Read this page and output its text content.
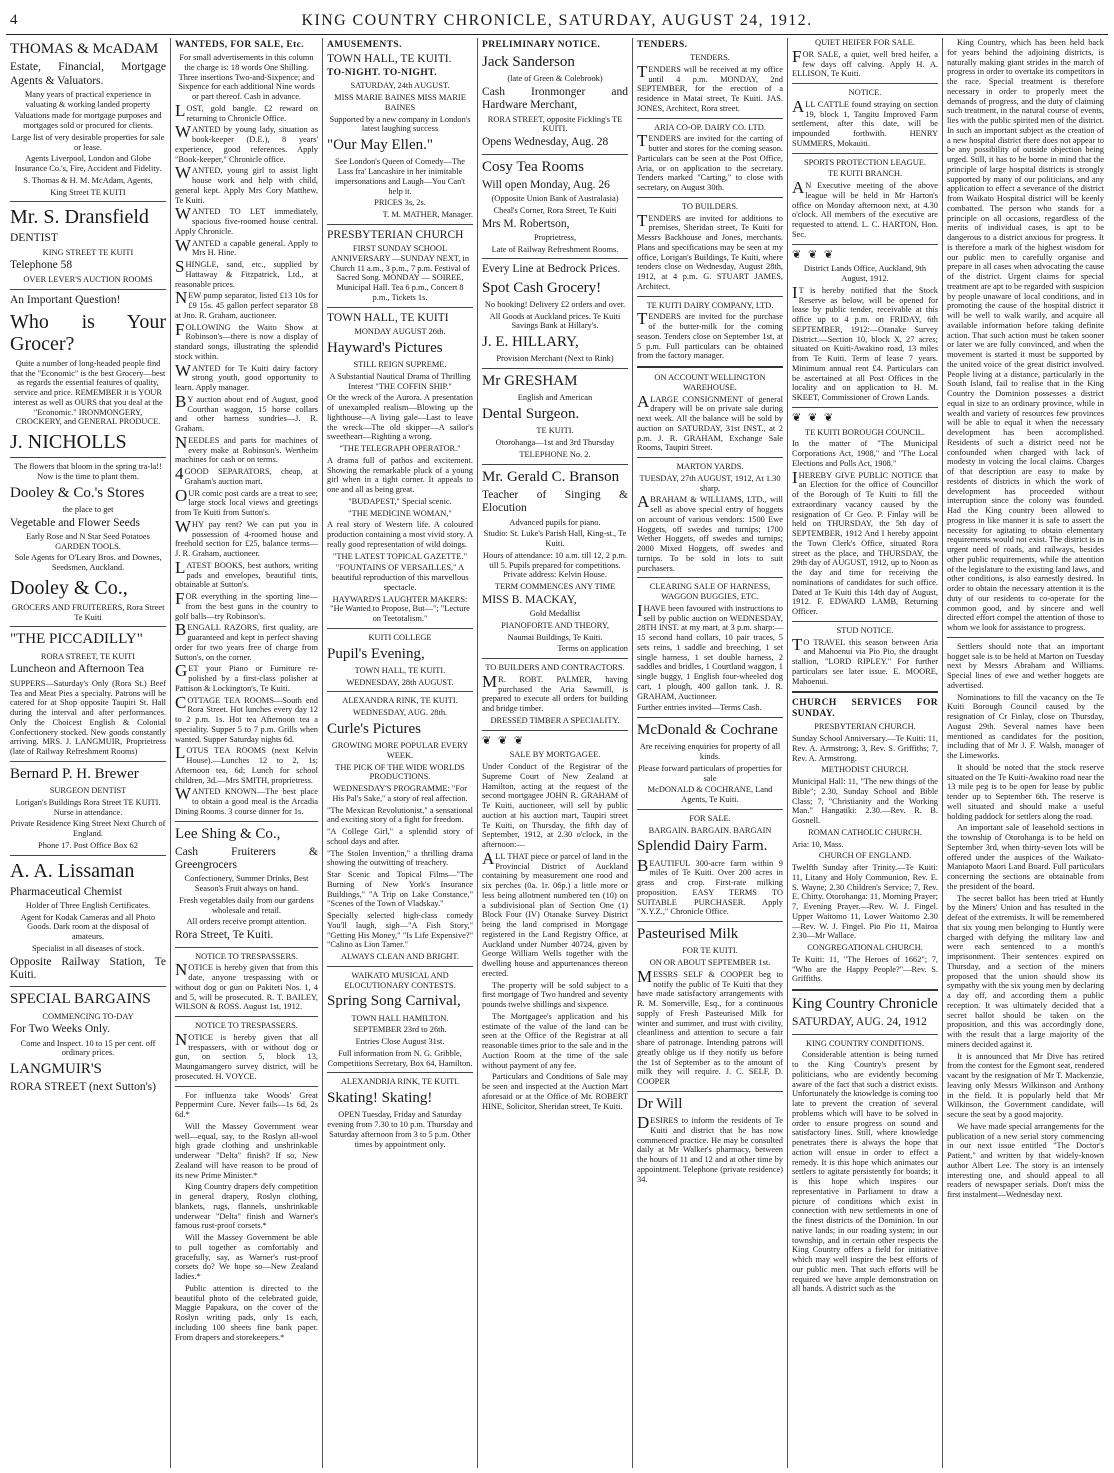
4	KING COUNTRY CHRONICLE, SATURDAY, AUGUST 24, 1912.

THOMAS & McADAM

Estate, Financial, Mortgage Agents & Valuators.

Many years of practical experience in valuating & working landed property

Valuations made for mortgage purposes and mortgages sold or procured for clients.

Large list of very desirable properties for sale or lease.

Agents Liverpool, London and Globe Insurance Co.'s, Fire, Accident and Fidelity.

S. Thomas & H. M. McAdam, Agents,

King Street TE KUITI

Mr. S. Dransfield

DENTIST

KING STREET TE KUITI

Telephone 58

OVER LEVER'S AUCTION ROOMS

An Important Question!

Who is Your Grocer?

Quite a number of long-headed people find that the "Economic" is the best Grocery—best as regards the essential features of quality, service and price. REMEMBER it is YOUR interest as well as OURS that you deal at the "Economic." IRONMONGERY, CROCKERY, and GENERAL PRODUCE.

J. NICHOLLS

The flowers that bloom in the spring tra-la!! Now is the time to plant them.

Dooley & Co.'s Stores

the place to get

Vegetable and Flower Seeds

Early Rose and N Star Seed Potatoes GARDEN TOOLS.

Sole Agents for O'Leary Bros. and Downes, Seedsmen, Auckland.

Dooley & Co.,

GROCERS AND FRUITERERS, Rora Street Te Kuiti

"THE PICCADILLY"

RORA STREET, TE KUITI

Luncheon and Afternoon Tea

SUPPERS—Saturday's Only (Rora St.) Beef Tea and Meat Pies a specialty. Patrons will be catered for at Shop opposite Taupiri St. Hall during the interval and after performances. Only the Choicest English & Colonial Confectionery stocked. New goods constantly arriving. MRS. J. LANGMUIR, Proprietress (late of Railway Refreshment Rooms)

Bernard P. H. Brewer

SURGEON DENTIST

Lorigan's Buildings Rora Street TE KUITI. Nurse in attendance.

Private Residence King Street Next Church of England.

Phone 17. Post Office Box 62

A. A. Lissaman

Pharmaceutical Chemist

Holder of Three English Certificates.

Agent for Kodak Cameras and all Photo Goods. Dark room at the disposal of amateurs.

Specialist in all diseases of stock.

Opposite Railway Station, Te Kuiti.

SPECIAL BARGAINS

COMMENCING TO-DAY

For Two Weeks Only.

Come and Inspect. 10 to 15 per cent. off ordinary prices.

LANGMUIR'S

RORA STREET (next Sutton's)

WANTEDS, FOR SALE, Etc.

For small advertisements in this column the charge is: 18 words One Shilling. Three insertions Two-and-Sixpence; and Sixpence for each additional Nine words or part thereof. Cash in advance.

LOST, gold bangle. £2 reward on returning to Chronicle Office.

WANTED by young lady, situation as book-keeper (D.E.), 8 years' experience, good references. Apply "Book-keeper," Chronicle office.

WANTED, young girl to assist light house work and help with child, general kept. Apply Mrs Cory Matthew, Te Kuiti.

WANTED TO LET immediately, spacious five-roomed house central. Apply Chronicle.

WANTED a capable general. Apply to Mrs H. Hine.

SHINGLE, sand, etc., supplied by Hattaway & Fitzpatrick, Ltd., at reasonable prices.

NEW pump separator, listed £13 10s for £9 15s. 45 gallon perfect separator £8 at Jno. R. Graham, auctioneer.

FOLLOWING the Waito Show at Robinson's—there is now a display of standard songs, illustrating the splendid stock within.

WANTED for Te Kuiti dairy factory strong youth, good opportunity to learn. Apply manager.

BY auction about end of August, good Courthan waggon, 15 horse collars and other harness sundries—J. R. Graham.

NEEDLES and parts for machines of every make at Robinson's. Wertheim machines for cash or on terms.

4GOOD SEPARATORS, cheap, at Graham's auction mart.

OUR comic post cards are a treat to see; large stock local views and greetings from Te Kuiti from Sutton's.

WHY pay rent? We can put you in possession of 4-roomed house and freehold section for £25, balance terms—J. R. Graham, auctioneer.

LATEST BOOKS, best authors, writing pads and envelopes, beautiful tints, obtainable at Sutton's.

FOR everything in the sporting line—from the best guns in the country to golf balls—try Robinson's.

BENGALL RAZORS, first quality, are guaranteed and kept in perfect shaving order for two years free of charge from Sutton's, on the corner.

GET your Piano or Furniture re-polished by a first-class polisher at Pattison & Lockington's, Te Kuiti.

COTTAGE TEA ROOMS—South end Rora Street. Hot lunches every day 12 to 2 p.m. 1s. Hot tea Afternoon tea a speciality. Supper 5 to 7 p.m. Grills when wanted. Supper Saturday nights 6d.

LOTUS TEA ROOMS (next Kelvin House).—Lunches 12 to 2, 1s; Afternoon tea, 6d; Lunch for school children, 3d.—Mrs SMITH, proprietress.

WANTED KNOWN—The best place to obtain a good meal is the Arcadia Dining Rooms. 3 course dinner for 1s.

Lee Shing & Co.,

Cash Fruiterers & Greengrocers

Confectionery, Summer Drinks, Best Season's Fruit always on hand.

Fresh vegetables daily from our gardens wholesale and retail.

All orders receive prompt attention.

Rora Street, Te Kuiti.

NOTICE TO TRESPASSERS.

NOTICE is hereby given that from this date, anyone trespassing with or without dog or gun on Pakiteti Nos. 1, 4 and 5, will be prosecuted. R. T. BAILEY, WILSON & ROSS. August 1st, 1912.

NOTICE TO TRESPASSERS.

NOTICE is hereby given that all trespassers, with or without dog or gun, on section 5, block 13, Maungamangero survey district, will be prosecuted. H. VOYCE.

For influenza take Woods' Great Peppermint Cure. Never fails—1s 6d, 2s 6d.*

Will the Massey Government wear well—equal, say, to the Roslyn all-wool high grade clothing and unshrinkable underwear "Delta" finish? If so, New Zealand will have reason to be proud of its new Prime Minister.*

King Country drapers defy competition in general drapery, Roslyn clothing, blankets, rugs, flannels, unshrinkable underwear "Delta" finish and Warner's famous rust-proof corsets.*

Will the Massey Government be able to pull together as comfortably and gracefully, say, as Warner's rust-proof corsets do? We hope so—New Zealand ladies.*

Public attention is directed to the beautiful photo of the celebrated guide, Maggie Papakura, on the cover of the Roslyn writing pads, only 1s each, including 100 sheets fine bank paper. From drapers and storekeepers.*

AMUSEMENTS.

TOWN HALL, TE KUITI.

TO-NIGHT. TO-NIGHT.

SATURDAY, 24th AUGUST.

MISS MARIE BAINES MISS MARIE BAINES

Supported by a new company in London's latest laughing success

"Our May Ellen."

See London's Queen of Comedy—The Lass fra' Lancashire in her inimitable impersonations and Laugh—You Can't help it.

PRICES 3s, 2s.

T. M. MATHER, Manager.

PRESBYTERIAN CHURCH

FIRST SUNDAY SCHOOL ANNIVERSARY —SUNDAY NEXT, in Church 11 a.m., 3 p.m., 7 p.m. Festival of Sacred Song. MONDAY — SOIREE, Municipal Hall. Tea 6 p.m., Concert 8 p.m., Tickets 1s.

TOWN HALL, TE KUITI

MONDAY AUGUST 26th.

Hayward's Pictures

STILL REIGN SUPREME.

A Substantial Nautical Drama of Thrilling Interest "THE COFFIN SHIP."

Or the wreck of the Aurora. A presentation of unexampled realism—Blowing up the lighthouse—A living gale—Last to leave the wreck—The old skipper—A sailor's sweetheart—Righting a wrong.

"THE TELEGRAPH OPERATOR."

A drama full of pathos and excitement. Showing the remarkable pluck of a young girl when in a tight corner. It appeals to one and all as being great.

"BUDAPEST," Special scenic.

"THE MEDICINE WOMAN,"

A real story of Western life. A coloured production containing a most vivid story. A really good representation of wild doings.

"THE LATEST TOPICAL GAZETTE."

"FOUNTAINS OF VERSAILLES," A beautiful reproduction of this marvellous spectacle.

HAYWARD'S LAUGHTER MAKERS: "He Wanted to Propose, But—"; "Lecture on Teetotalism."

KUITI COLLEGE

Pupil's Evening,

TOWN HALL, TE KUITI.

WEDNESDAY, 28th AUGUST.

ALEXANDRA RINK, TE KUITI.

WEDNESDAY, AUG. 28th.

Curle's Pictures

GROWING MORE POPULAR EVERY WEEK.

THE PICK OF THE WIDE WORLDS PRODUCTIONS.

WEDNESDAY'S PROGRAMME: "For His Pal's Sake," a story of real affection.

"The Mexican Revolutionist," a sensational and exciting story of a fight for freedom.

"A College Girl," a splendid story of school days and after.

"The Stolen Invention," a thrilling drama showing the outwitting of treachery.

Star Scenic and Topical Films—"The Burning of New York's Insurance Buildings," "A Trip on Lake Constance," "Scenes of the Town of Vladskay."

Specially selected high-class comedy You'll laugh, sigh—"A Fish Story," "Getting His Money," "Is Life Expensive?" "Calino as Lion Tamer."

ALWAYS CLEAN AND BRIGHT.

WAIKATO MUSICAL AND ELOCUTIONARY CONTESTS.

Spring Song Carnival,

TOWN HALL HAMILTON.

SEPTEMBER 23rd to 26th.

Entries Close August 31st.

Full information from N. G. Gribble, Competitions Secretary, Box 64, Hamilton.

ALEXANDRIA RINK, TE KUITI.

Skating! Skating!

OPEN Tuesday, Friday and Saturday evening from 7.30 to 10 p.m. Thursday and Saturday afternoon from 3 to 5 p.m. Other times by appointment only.

PRELIMINARY NOTICE.

Jack Sanderson

(late of Green & Colebrook)

Cash Ironmonger and Hardware Merchant,

RORA STREET, opposite Fickling's TE KUITI.

Opens Wednesday, Aug. 28

Cosy Tea Rooms

Will open Monday, Aug. 26

(Opposite Union Bank of Australasia)

Cheal's Corner, Rora Street, Te Kuiti

Mrs M. Robertson,

Proprietress,

Late of Railway Refreshment Rooms.

Every Line at Bedrock Prices.

Spot Cash Grocery!

No booking! Delivery £2 orders and over.

All Goods at Auckland prices. Te Kuiti Savings Bank at Hillary's.

J. E. HILLARY,

Provision Merchant (Next to Rink)

Mr GRESHAM

English and American

Dental Surgeon.

TE KUITI.

Otorohanga—1st and 3rd Thursday

TELEPHONE No. 2.

Mr. Gerald C. Branson

Teacher of Singing & Elocution

Advanced pupils for piano.

Studio: St. Luke's Parish Hall, King-st., Te Kuiti.

Hours of attendance: 10 a.m. till 12, 2 p.m. till 5. Pupils prepared for competitions. Private address: Kelvin House.

TERM COMMENCES ANY TIME

MISS B. MACKAY,

Gold Medallist

PIANOFORTE AND THEORY,

Naumai Buildings, Te Kuiti.

Terms on application

TO BUILDERS AND CONTRACTORS.

MR. ROBT. PALMER, having purchased the Aria Sawmill, is prepared to execute all orders for building and bridge timber.

DRESSED TIMBER A SPECIALITY.

❦ ❦ ❦

SALE BY MORTGAGEE.

Under Conduct of the Registrar of the Supreme Court of New Zealand at Hamilton, acting at the request of the second mortgagee JOHN R. GRAHAM of Te Kuiti, auctioneer, will sell by public auction at his auction mart, Taupiri street Te Kuiti, on Thursday, the fifth day of September, 1912, at 2.30 o'clock, in the afternoon:—

ALL THAT piece or parcel of land in the Provincial District of Auckland containing by measurement one rood and six perches (0a. 1r. 06p.) a little more or less being allotment numbered ten (10) on a subdivisional plan of Section One (1) Block Four (IV) Otanake Survey District being the land comprised in Mortgage registered in the Land Registry Office, at Auckland under Number 40724, given by George William Wells together with the dwelling house and appurtenances thereon erected.

The property will be sold subject to a first mortgage of Two hundred and seventy pounds twelve shillings and sixpence.

The Mortgagee's application and his estimate of the value of the land can be seen at the Office of the Registrar at all reasonable times prior to the sale and in the Auction Room at the time of the sale without payment of any fee.

Particulars and Conditions of Sale may be seen and inspected at the Auction Mart aforesaid or at the Office of Mr. ROBERT HINE, Solicitor, Sheridan street, Te Kuiti.

TENDERS.

TENDERS.

TENDERS will be received at my office until 4 p.m. MONDAY, 2nd SEPTEMBER, for the erection of a residence in Matai street, Te Kuiti. JAS. JONES, Architect, Rora street.

ARIA CO-OP. DAIRY CO. LTD.

TENDERS are invited for the carting of butter and stores for the coming season. Particulars can be seen at the Post Office, Aria, or on application to the secretary. Tenders marked "Carting," to close with secretary, on August 30th.

TO BUILDERS.

TENDERS are invited for additions to premises, Sheridan street, Te Kuiti for Messrs Backhouse and Jones, merchants. Plans and specifications may be seen at my office, Lorigan's Buildings, Te Kuiti, where tenders close on Wednesday, August 28th, 1912, at 4 p.m. G. STUART JAMES, Architect.

TE KUITI DAIRY COMPANY, LTD.

TENDERS are invited for the purchase of the butter-milk for the coming season. Tenders close on September 1st, at 5 p.m. Full particulars can be obtained from the factory manager.

ON ACCOUNT WELLINGTON WAREHOUSE.

ALARGE CONSIGNMENT of general drapery will be on private sale during next week. All the balance will be sold by auction on SATURDAY, 31st INST., at 2 p.m. J. R. GRAHAM, Exchange Sale Rooms, Taupiri Street.

MARTON YARDS.

TUESDAY, 27th AUGUST, 1912, At 1.30 sharp.

ABRAHAM & WILLIAMS, LTD., will sell as above special entry of hoggets on account of various vendors: 1500 Ewe Hoggets, off swedes and turnips; 1700 Wether Hoggets, off swedes and turnips; 2000 Mixed Hoggets, off swedes and turnips. To be sold in lots to suit purchasers.

CLEARING SALE OF HARNESS, WAGGON BUGGIES, ETC.

IHAVE been favoured with instructions to sell by public auction on WEDNESDAY, 28TH INST. at my mart, at 3 p.m. sharp:—15 second hand collars, 10 pair traces, 5 sets reins, 1 saddle and breeching, 1 set single harness, 1 set double harness, 2 saddles and bridles, 1 Courtland waggon, 1 single buggy, 1 English four-wheeled dog cart, 1 plough, 400 gallon tank. J. R. GRAHAM, Auctioneer.

Further entries invited—Terms Cash.

McDonald & Cochrane

Are receiving enquiries for property of all kinds.

Please forward particulars of properties for sale

McDONALD & COCHRANE, Land Agents, Te Kuiti.

FOR SALE.

BARGAIN. BARGAIN. BARGAIN

Splendid Dairy Farm.

BEAUTIFUL 300-acre farm within 9 miles of Te Kuiti. Over 200 acres in grass and crop. First-rate milking proposition. EASY TERMS TO SUITABLE PURCHASER. Apply "X.Y.Z.," Chronicle Office.

Pasteurised Milk

FOR TE KUITI.

ON OR ABOUT SEPTEMBER 1st.

MESSRS SELF & COOPER beg to notify the public of Te Kuiti that they have made satisfactory arrangements with R. M. Somerville, Esq., for a continuous supply of Fresh Pasteurised Milk for winter and summer, and trust with civility, cleanliness and attention to secure a fair share of patronage. Intending patrons will greatly oblige us if they notify us before the 1st of September as to the amount of milk they will require. J. C. SELF, D. COOPER

Dr Will

DESIRES to inform the residents of Te Kuiti and district that he has now commenced practice. He may be consulted daily at Mr Walker's pharmacy, between the hours of 11 and 12 and at other time by appointment. Telephone (private residence) 34.

QUIET HEIFER FOR SALE.

FOR SALE, a quiet, well bred heifer, a few days off calving. Apply H. A. ELLISON, Te Kuiti.

NOTICE.

ALL CATTLE found straying on section 19, block 1, Tangitu Improved Farm settlement, after this date, will be impounded forthwith. HENRY SUMMERS, Mokauiti.

SPORTS PROTECTION LEAGUE.

TE KUITI BRANCH.

AN Executive meeting of the above league will be held in Mr Harton's office on Monday afternoon next, at 4.30 o'clock. All members of the executive are requested to attend. L. C. HARTON, Hon. Sec.

❦ ❦ ❦

District Lands Office, Auckland, 9th August, 1912.

IT is hereby notified that the Stock Reserve as below, will be opened for lease by public tender, receivable at this office up to 4 p.m. on FRIDAY, 6th SEPTEMBER, 1912:—Otanake Survey District.—Section 10, block X, 27 acres; situated on Kuiti-Awakino road, 13 miles from Te Kuiti. Term of lease 7 years. Minimum annual rent £4. Particulars can be ascertained at all Post Offices in the locality and on application to H. M. SKEET, Commissioner of Crown Lands.

❦ ❦ ❦

TE KUITI BOROUGH COUNCIL.

In the matter of "The Municipal Corporations Act, 1908," and "The Local Elections and Polls Act, 1908."

IHEREBY GIVE PUBLIC NOTICE that an Election for the office of Councillor of the Borough of Te Kuiti to fill the extraordinary vacancy caused by the resignation of Cr Geo. P. Finlay will be held on THURSDAY, the 5th day of SEPTEMBER, 1912 And I hereby appoint the Town Clerk's Office, situated Rora street as the place, and THURSDAY, the 29th day of AUGUST, 1912, up to Noon as the day and time for receiving the nominations of candidates for such office. Dated at Te Kuiti this 14th day of August, 1912. F. EDWARD LAMB, Returning Officer.

STUD NOTICE.

TO TRAVEL this season between Aria and Mahoenui via Pio Pio, the draught stallion, "LORD RIPLEY." For further particulars see later issue. E. MOORE, Mahoenui.

CHURCH SERVICES FOR SUNDAY.

PRESBYTERIAN CHURCH.

Sunday School Anniversary.—Te Kuiti: 11, Rev. A. Armstrong; 3, Rev. S. Griffiths; 7, Rev. A. Armstrong.

METHODIST CHURCH.

Municipal Hall: 11, "The new things of the Bible"; 2.30, Sunday School and Bible Class; 7, "Christianity and the Working Man." Hangatiki: 2.30.—Rev. R. B. Gosnell.

ROMAN CATHOLIC CHURCH.

Aria: 10, Mass.

CHURCH OF ENGLAND.

Twelfth Sunday after Trinity.—Te Kuiti: 11, Litany and Holy Communion, Rev. E. S. Wayne; 2.30 Children's Service; 7, Rev. E. Chitty. Otorohanga: 11, Morning Prayer; 7, Evening Prayer.—Rev. W. J. Fingel. Upper Waitomo 11, Lower Waitomo 2.30—Rev. W. J. Fingel. Pio Pio 11, Mairoa 2.30—Mr Wallace.

CONGREGATIONAL CHURCH.

Te Kuiti: 11, "The Heroes of 1662"; 7, "Who are the Happy People?"—Rev. S. Griffiths.

King Country Chronicle

SATURDAY, AUG. 24, 1912

KING COUNTRY CONDITIONS.

Considerable attention is being turned to the King Country's present by politicians, who are evidently becoming aware of the fact that such a district exists. Unfortunately the knowledge is coming too late to prevent the creation of several problems which will have to be solved in order to ensure progress on sound and satisfactory lines. Still, where knowledge penetrates there is always the hope that action will ensue in order to effect a remedy. It is this hope which animates our settlers to agitate persistently for boards; it is this hope which inspires our representative in Parliament to draw a picture of conditions which exist in connection with new settlements in one of the finest districts of the Dominion. In our native lands; in our roading system; in our township, and in certain other respects the King Country offers a field for initiative which may well inspire the best efforts of our public men. That such efforts will be required we have ample demonstration on all hands. A district such as the

King Country, which has been held back for years behind the adjoining districts, is naturally making giant strides in the march of progress in order to overtake its competitors in the race. Special treatment is therefore necessary in order to properly meet the demands of progress, and the duty of claiming such treatment, in the natural course of events, lies with the public spirited men of the district. In such an important subject as the creation of a new hospital district there does not appear to be any possibility of outside objection being urged. Still, it has to be borne in mind that the principle of large hospital districts is strongly supported by many of our politicians, and any application to effect a severance of the district from Waikato Hospital district will be keenly combatted. The person who stands for a principle on all occasions, regardless of the merits of individual cases, is apt to be dangerous to a district anxious for progress. It is therefore a mark of the highest wisdom for our public men to carefully organise and prepare in all cases when advocating the cause of the district. Urgent claims for special treatment are apt to be regarded with suspicion by people unaware of local conditions, and in promoting the cause of the hospital district it will be well to walk warily, and acquire all available information before taking definite action. That such action must be taken sooner or later we are fully convinced, and when the movement is started it must be supported by the united voice of the great district involved. People living at a distance, particularly in the South Island, fail to realise that in the King Country the Dominion possesses a district equal in size to an ordinary province, while in wealth and variety of resources few provinces will be able to equal it when the necessary development has been accomplished. Residents of such a district need not be confounded when charged with lack of modesty in voicing the local claims. Charges of that description are easy to make by residents of districts in which the work of development has proceeded without interruption since the colony was founded. Had the King country been allowed to progress in like manner it is safe to assert the necessity for agitating to obtain elementary requirements would not exist. The district is in urgent need of roads, and railways, besides other public requirements, while the attention of the legislature to the existing land laws, and other conditions, is also earnestly desired. In order to obtain the necessary attention it is the duty of our residents to co-operate for the common good, and by sincere and well directed effort compel the attention of those to whom we look for assistance to progress.

Settlers should note that an important hogget sale is to be held at Marton on Tuesday next by Messrs Abraham and Williams. Special lines of ewe and wether hoggets are advertised.

Nominations to fill the vacancy on the Te Kuiti Borough Council caused by the resignation of Cr Finlay, close on Thursday, August 29th. Several names have been mentioned as candidates for the position, including that of Mr J. F. Walsh, manager of the Limeworks.

It should be noted that the stock reserve situated on the Te Kuiti-Awakino road near the 13 mile peg is to be open for lease by public tender up to September 6th. The reserve is well situated and should make a useful holding paddock for settlers along the road.

An important sale of leasehold sections in the township of Otorohanga is to be held on September 3rd, when thirty-seven lots will be offered under the auspices of the Waikato-Maniapoto Maori Land Board. Full particulars concerning the sections are obtainable from the president of the board.

The secret ballot has been tried at Huntly by the Miners' Union and has resulted in the defeat of the extremists. It will be remembered that six young men belonging to Huntly were charged with defying the military law and were each sentenced to a month's imprisonment. Their sentences expired on Thursday, and a section of the miners proposed that the union should show its sympathy with the six young men by declaring a day off, and according them a public reception. It was ultimately decided that a secret ballot should be taken on the proposition, and this was accordingly done, with the result that a large majority of the miners decided against it.

It is announced that Mr Dive has retired from the contest for the Egmont seat, rendered vacant by the resignation of Mr T. Mackenzie, leaving only Messrs Wilkinson and Anthony in the field. It is popularly held that Mr Wilkinson, the Government candidate, will secure the seat by a good majority.

We have made special arrangements for the publication of a new serial story commencing in our next issue entitled "The Doctor's Patient," and written by that widely-known author Albert Lee. The story is an intensely interesting one, and should appeal to all readers of newspaper serials. Don't miss the first instalment—Wednesday next.
